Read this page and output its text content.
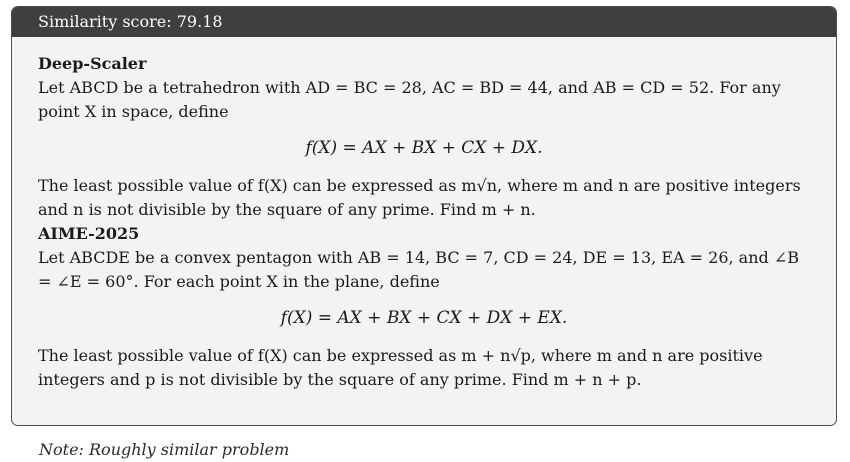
Similarity score: 79.18
Deep-Scaler

Let ABCD be a tetrahedron with AD = BC = 28, AC = BD = 44, and AB = CD = 52. For any point X in space, define

f(X) = AX + BX + CX + DX.

The least possible value of f(X) can be expressed as m√n, where m and n are positive integers and n is not divisible by the square of any prime. Find m + n.

AIME-2025

Let ABCDE be a convex pentagon with AB = 14, BC = 7, CD = 24, DE = 13, EA = 26, and ∠B = ∠E = 60°. For each point X in the plane, define

f(X) = AX + BX + CX + DX + EX.

The least possible value of f(X) can be expressed as m + n√p, where m and n are positive integers and p is not divisible by the square of any prime. Find m + n + p.

Note: Roughly similar problem
